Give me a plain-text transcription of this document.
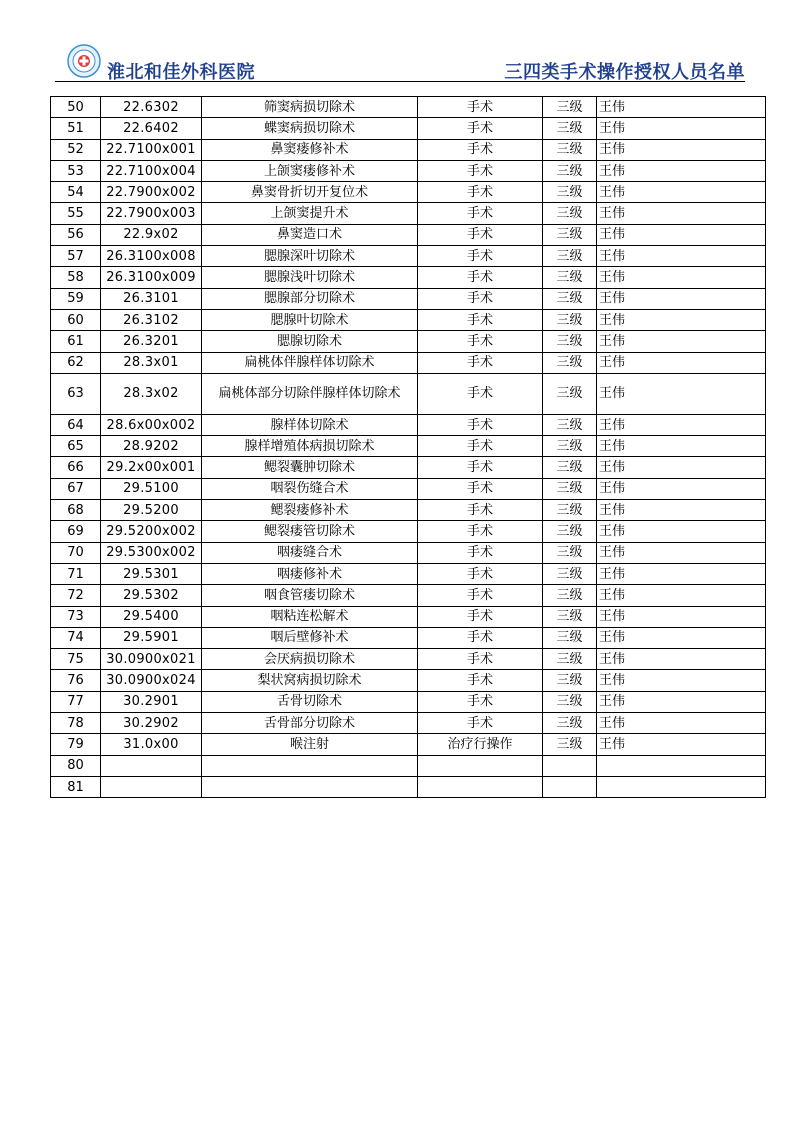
淮北和佳外科医院	三四类手术操作授权人员名单
50	22.6302	筛窦病损切除术	手术	三级	王伟
51	22.6402	蝶窦病损切除术	手术	三级	王伟
52	22.7100x001	鼻窦瘘修补术	手术	三级	王伟
53	22.7100x004	上颌窦瘘修补术	手术	三级	王伟
54	22.7900x002	鼻窦骨折切开复位术	手术	三级	王伟
55	22.7900x003	上颌窦提升术	手术	三级	王伟
56	22.9x02	鼻窦造口术	手术	三级	王伟
57	26.3100x008	腮腺深叶切除术	手术	三级	王伟
58	26.3100x009	腮腺浅叶切除术	手术	三级	王伟
59	26.3101	腮腺部分切除术	手术	三级	王伟
60	26.3102	腮腺叶切除术	手术	三级	王伟
61	26.3201	腮腺切除术	手术	三级	王伟
62	28.3x01	扁桃体伴腺样体切除术	手术	三级	王伟
63	28.3x02	扁桃体部分切除伴腺样体切除术	手术	三级	王伟
64	28.6x00x002	腺样体切除术	手术	三级	王伟
65	28.9202	腺样增殖体病损切除术	手术	三级	王伟
66	29.2x00x001	鳃裂囊肿切除术	手术	三级	王伟
67	29.5100	咽裂伤缝合术	手术	三级	王伟
68	29.5200	鳃裂瘘修补术	手术	三级	王伟
69	29.5200x002	鳃裂瘘管切除术	手术	三级	王伟
70	29.5300x002	咽瘘缝合术	手术	三级	王伟
71	29.5301	咽瘘修补术	手术	三级	王伟
72	29.5302	咽食管瘘切除术	手术	三级	王伟
73	29.5400	咽粘连松解术	手术	三级	王伟
74	29.5901	咽后壁修补术	手术	三级	王伟
75	30.0900x021	会厌病损切除术	手术	三级	王伟
76	30.0900x024	梨状窝病损切除术	手术	三级	王伟
77	30.2901	舌骨切除术	手术	三级	王伟
78	30.2902	舌骨部分切除术	手术	三级	王伟
79	31.0x00	喉注射	治疗行操作	三级	王伟
80					
81					
